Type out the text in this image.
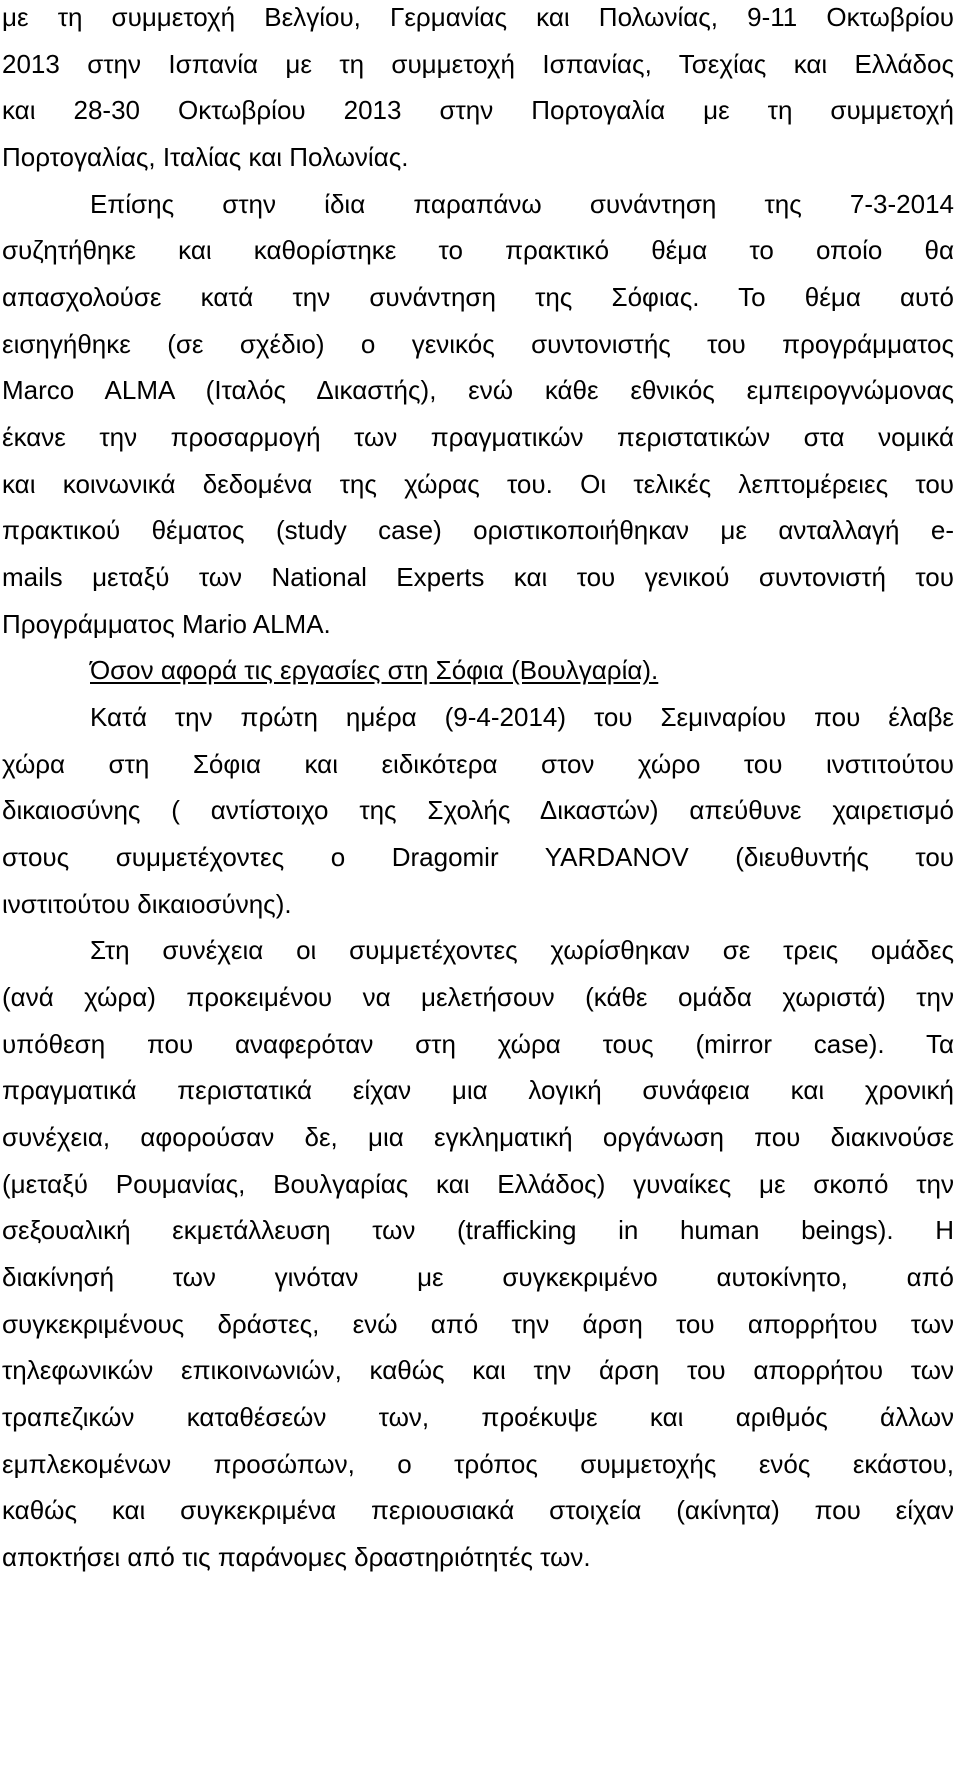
με τη συμμετοχή Βελγίου, Γερμανίας και Πολωνίας, 9-11 Οκτωβρίου
2013 στην Ισπανία με τη συμμετοχή Ισπανίας, Τσεχίας και Ελλάδος
και 28-30 Οκτωβρίου 2013 στην Πορτογαλία με τη συμμετοχή
Πορτογαλίας, Ιταλίας και Πολωνίας.
Επίσης στην ίδια παραπάνω συνάντηση της 7-3-2014
συζητήθηκε και καθορίστηκε το πρακτικό θέμα το οποίο θα
απασχολούσε κατά την συνάντηση της Σόφιας. Το θέμα αυτό
εισηγήθηκε (σε σχέδιο) ο γενικός συντονιστής του προγράμματος
Marco ALMA (Ιταλός Δικαστής), ενώ κάθε εθνικός εμπειρογνώμονας
έκανε την προσαρμογή των πραγματικών περιστατικών στα νομικά
και κοινωνικά δεδομένα της χώρας του. Οι τελικές λεπτομέρειες του
πρακτικού θέματος (study case) οριστικοποιήθηκαν με ανταλλαγή e-
mails μεταξύ των National Experts και του γενικού συντονιστή του
Προγράμματος Mario ALMA.
Όσον αφορά τις εργασίες στη Σόφια (Βουλγαρία).
Κατά την πρώτη ημέρα (9-4-2014) του Σεμιναρίου που έλαβε
χώρα στη Σόφια και ειδικότερα στον χώρο του ινστιτούτου
δικαιοσύνης ( αντίστοιχο της Σχολής Δικαστών) απεύθυνε χαιρετισμό
στους συμμετέχοντες ο Dragomir YARDANOV (διευθυντής του
ινστιτούτου δικαιοσύνης).
Στη συνέχεια οι συμμετέχοντες χωρίσθηκαν σε τρεις ομάδες
(ανά χώρα) προκειμένου να μελετήσουν (κάθε ομάδα χωριστά) την
υπόθεση που αναφερόταν στη χώρα τους (mirror case). Τα
πραγματικά περιστατικά είχαν μια λογική συνάφεια και χρονική
συνέχεια, αφορούσαν δε, μια εγκληματική οργάνωση που διακινούσε
(μεταξύ Ρουμανίας, Βουλγαρίας και Ελλάδος) γυναίκες με σκοπό την
σεξουαλική εκμετάλλευση των (trafficking in human beings). Η
διακίνησή των γινόταν με συγκεκριμένο αυτοκίνητο, από
συγκεκριμένους δράστες, ενώ από την άρση του απορρήτου των
τηλεφωνικών επικοινωνιών, καθώς και την άρση του απορρήτου των
τραπεζικών καταθέσεών των, προέκυψε και αριθμός άλλων
εμπλεκομένων προσώπων, ο τρόπος συμμετοχής ενός εκάστου,
καθώς και συγκεκριμένα περιουσιακά στοιχεία (ακίνητα) που είχαν
αποκτήσει από τις παράνομες δραστηριότητές των.
